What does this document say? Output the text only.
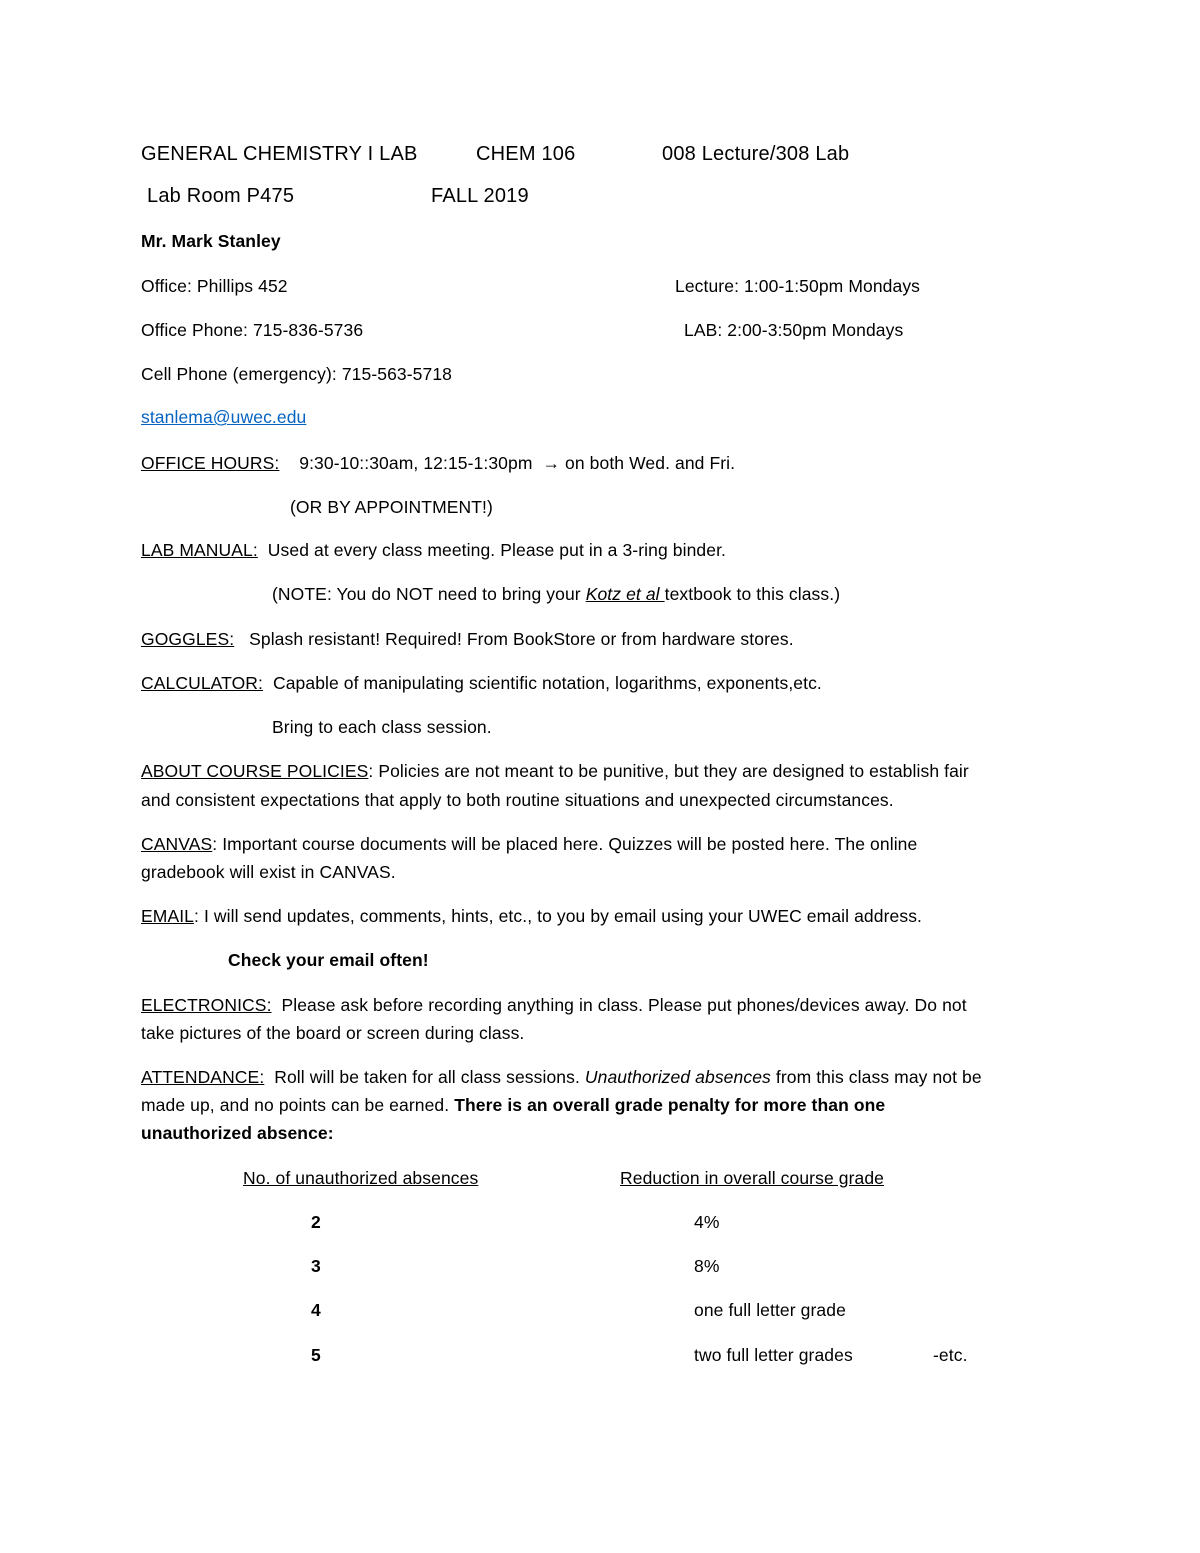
GENERAL CHEMISTRY I LAB	CHEM 106	008 Lecture/308 Lab
Lab Room P475	FALL 2019
Mr. Mark Stanley
Office: Phillips 452	Lecture: 1:00-1:50pm Mondays
Office Phone: 715-836-5736	LAB: 2:00-3:50pm Mondays
Cell Phone (emergency): 715-563-5718
stanlema@uwec.edu
OFFICE HOURS: 9:30-10::30am, 12:15-1:30pm → on both Wed. and Fri.
(OR BY APPOINTMENT!)
LAB MANUAL: Used at every class meeting. Please put in a 3-ring binder.
(NOTE: You do NOT need to bring your Kotz et al textbook to this class.)
GOGGLES: Splash resistant! Required! From BookStore or from hardware stores.
CALCULATOR: Capable of manipulating scientific notation, logarithms, exponents,etc.
Bring to each class session.
ABOUT COURSE POLICIES: Policies are not meant to be punitive, but they are designed to establish fair
and consistent expectations that apply to both routine situations and unexpected circumstances.
CANVAS: Important course documents will be placed here. Quizzes will be posted here. The online
gradebook will exist in CANVAS.
EMAIL: I will send updates, comments, hints, etc., to you by email using your UWEC email address.
Check your email often!
ELECTRONICS: Please ask before recording anything in class. Please put phones/devices away. Do not
take pictures of the board or screen during class.
ATTENDANCE: Roll will be taken for all class sessions. Unauthorized absences from this class may not be
made up, and no points can be earned. There is an overall grade penalty for more than one
unauthorized absence:
No. of unauthorized absences	Reduction in overall course grade
2	4%
3	8%
4	one full letter grade
5	two full letter grades	-etc.
